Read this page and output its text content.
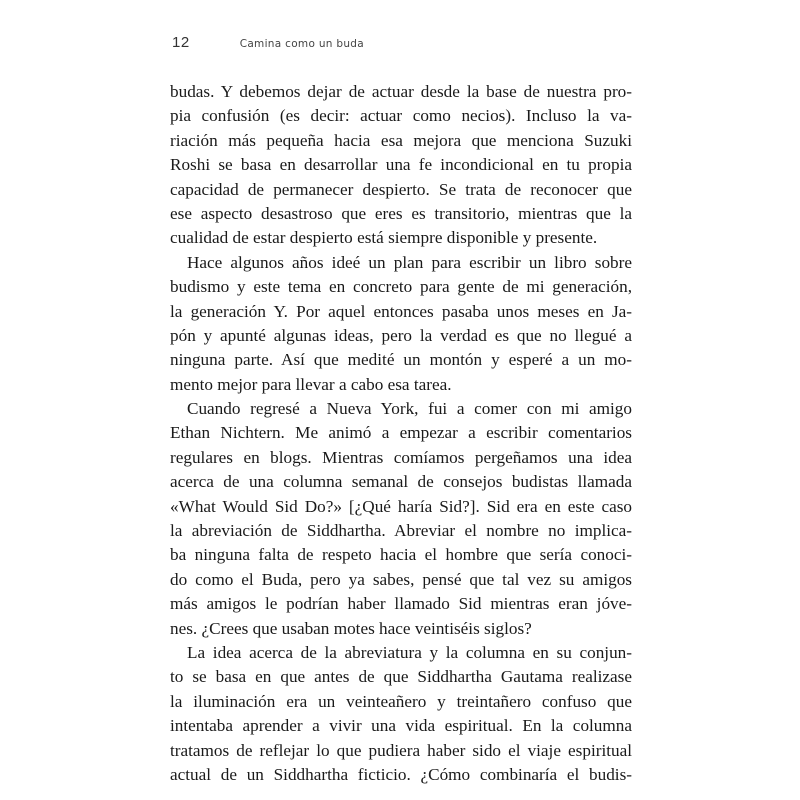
12	Camina como un buda
budas. Y debemos dejar de actuar desde la base de nuestra pro-
pia confusión (es decir: actuar como necios). Incluso la va-
riación más pequeña hacia esa mejora que menciona Suzuki
Roshi se basa en desarrollar una fe incondicional en tu propia
capacidad de permanecer despierto. Se trata de reconocer que
ese aspecto desastroso que eres es transitorio, mientras que la
cualidad de estar despierto está siempre disponible y presente.
Hace algunos años ideé un plan para escribir un libro sobre
budismo y este tema en concreto para gente de mi generación,
la generación Y. Por aquel entonces pasaba unos meses en Ja-
pón y apunté algunas ideas, pero la verdad es que no llegué a
ninguna parte. Así que medité un montón y esperé a un mo-
mento mejor para llevar a cabo esa tarea.
Cuando regresé a Nueva York, fui a comer con mi amigo
Ethan Nichtern. Me animó a empezar a escribir comentarios
regulares en blogs. Mientras comíamos pergeñamos una idea
acerca de una columna semanal de consejos budistas llamada
«What Would Sid Do?» [¿Qué haría Sid?]. Sid era en este caso
la abreviación de Siddhartha. Abreviar el nombre no implica-
ba ninguna falta de respeto hacia el hombre que sería conoci-
do como el Buda, pero ya sabes, pensé que tal vez su amigos
más amigos le podrían haber llamado Sid mientras eran jóve-
nes. ¿Crees que usaban motes hace veintiséis siglos?
La idea acerca de la abreviatura y la columna en su conjun-
to se basa en que antes de que Siddhartha Gautama realizase
la iluminación era un veinteañero y treintañero confuso que
intentaba aprender a vivir una vida espiritual. En la columna
tratamos de reflejar lo que pudiera haber sido el viaje espiritual
actual de un Siddhartha ficticio. ¿Cómo combinaría el budis-
